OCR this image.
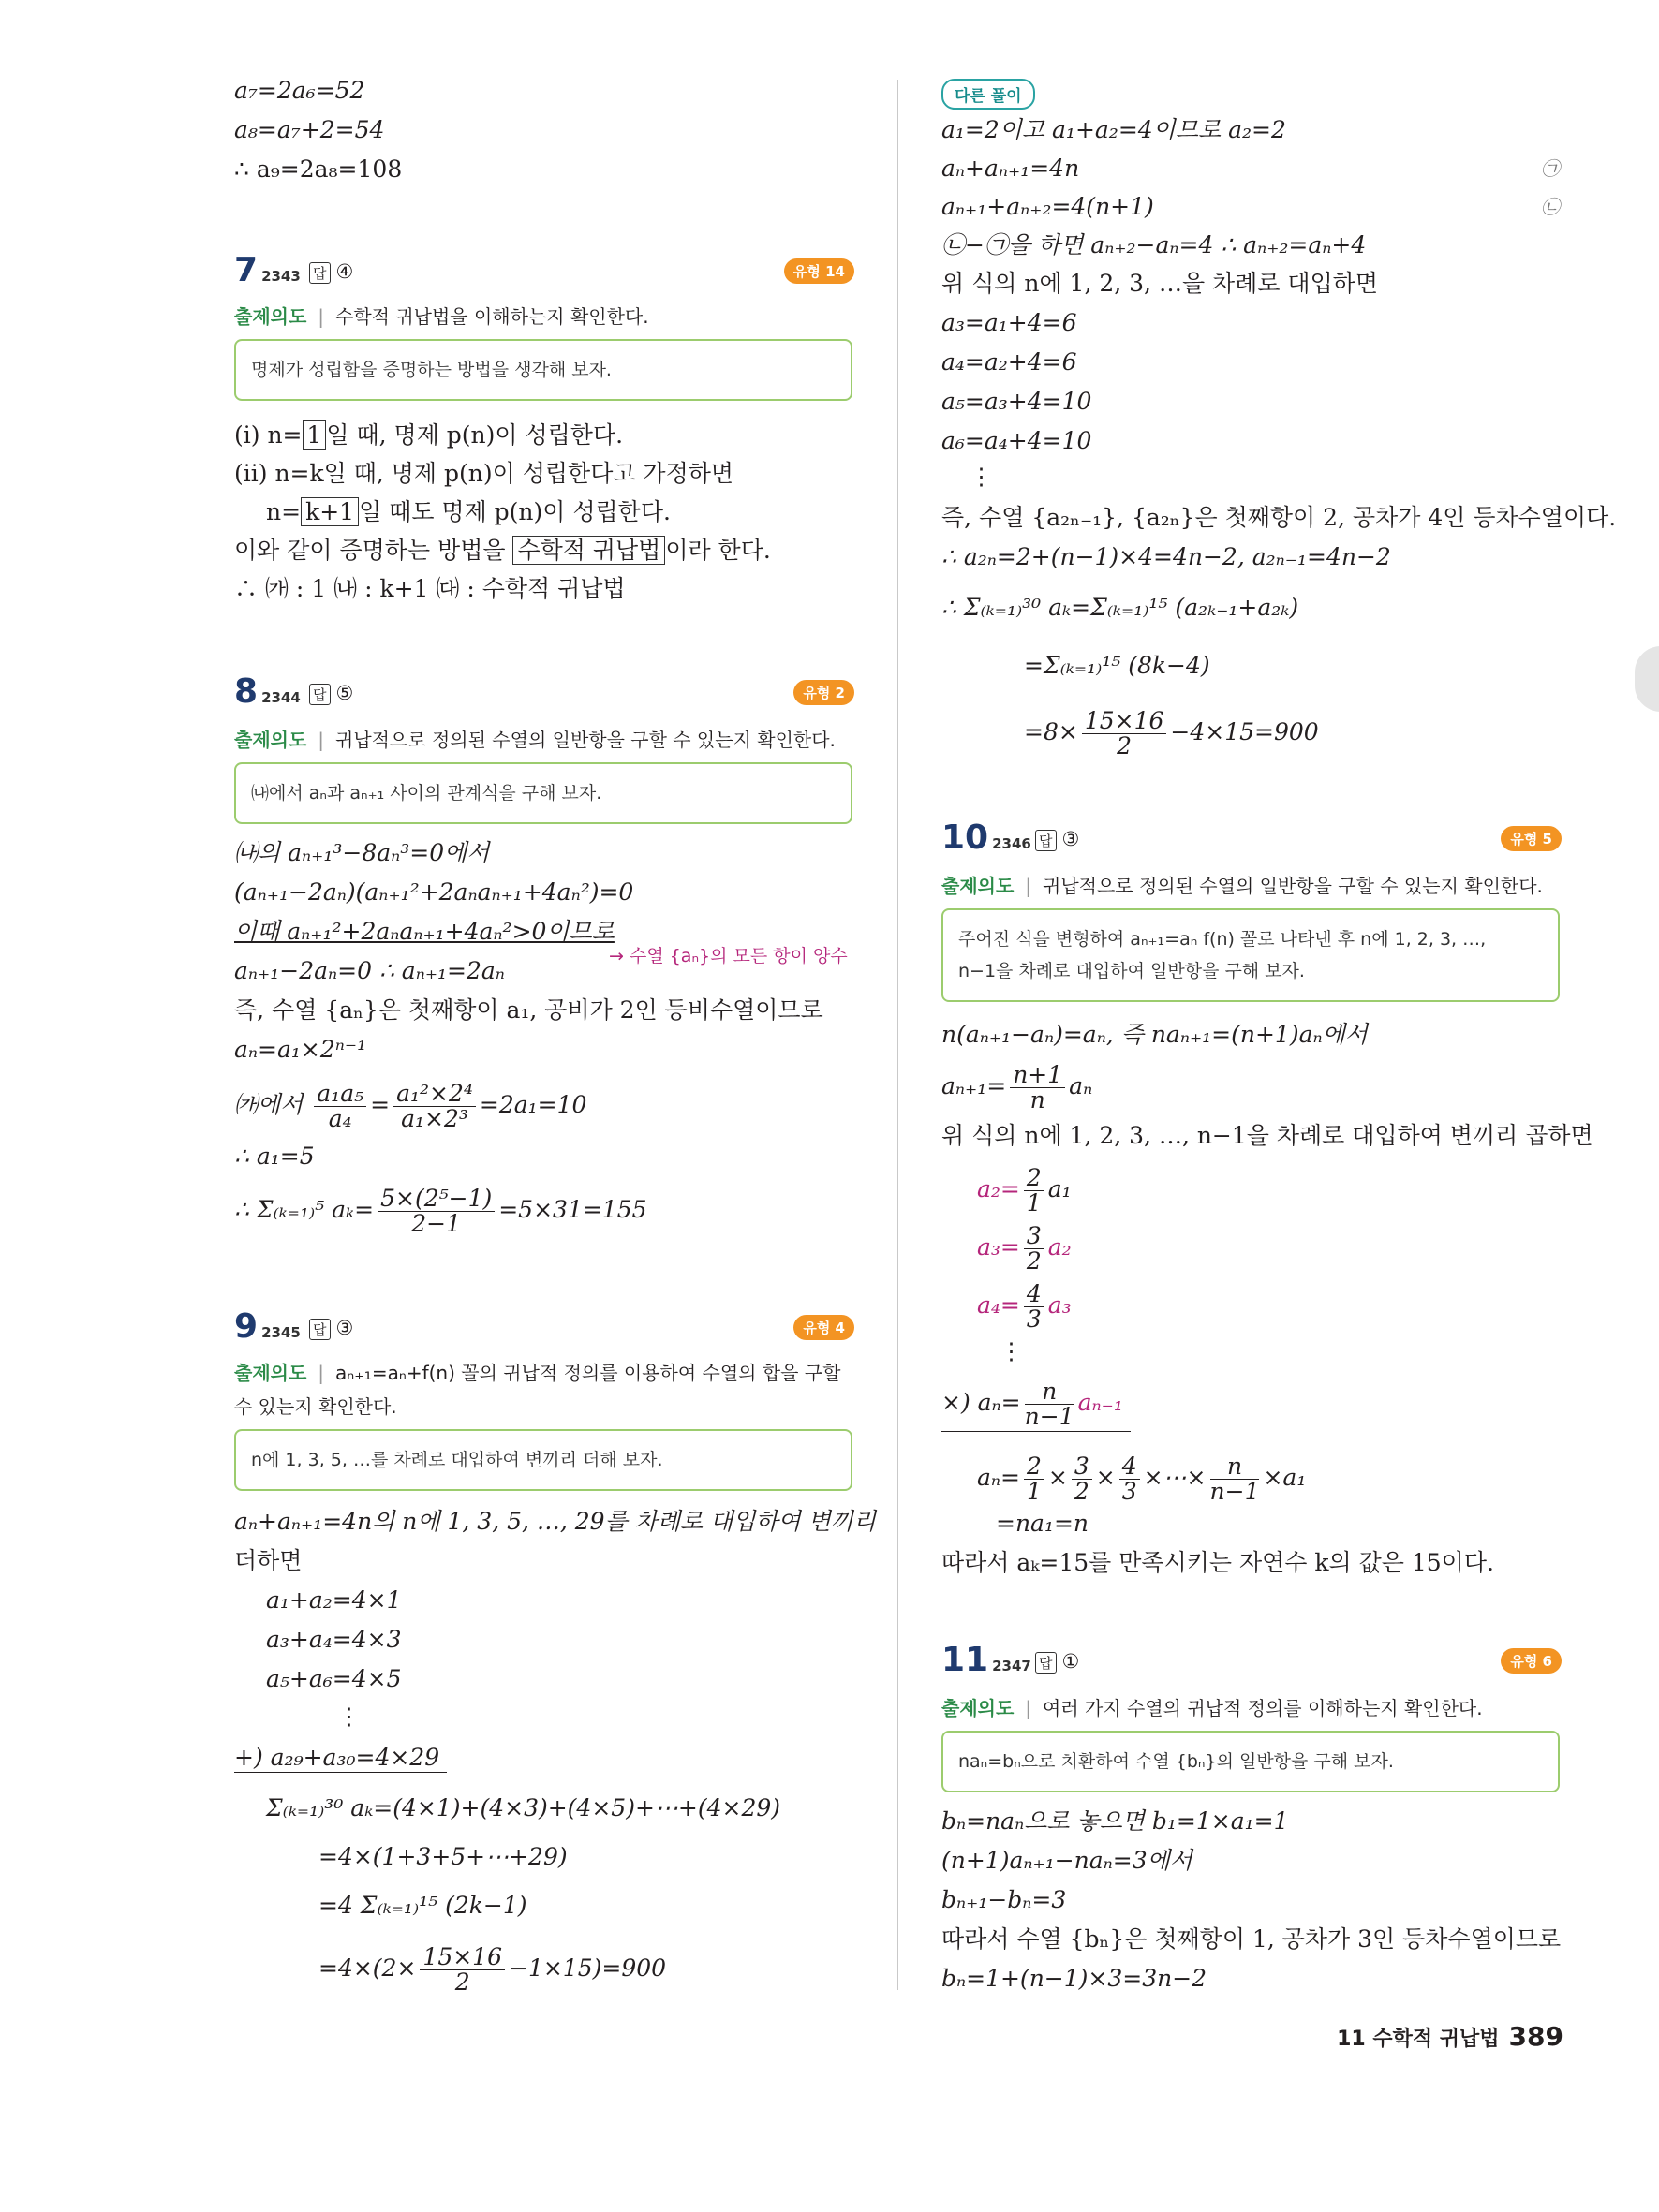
a₇=2a₆=52
a₈=a₇+2=54
∴ a₉=2a₈=108
7 2343 답 ④	유형 14
출제의도 | 수학적 귀납법을 이해하는지 확인한다.
명제가 성립함을 증명하는 방법을 생각해 보자.
(ⅰ) n= 1 일 때, 명제 p(n)이 성립한다.
(ⅱ) n=k일 때, 명제 p(n)이 성립한다고 가정하면
n= k+1 일 때도 명제 p(n)이 성립한다.
이와 같이 증명하는 방법을 수학적 귀납법 이라 한다.
∴ ㈎ : 1 ㈏ : k+1 ㈐ : 수학적 귀납법
8 2344 답 ⑤	유형 2
출제의도 | 귀납적으로 정의된 수열의 일반항을 구할 수 있는지 확인한다.
㈏에서 aₙ과 aₙ₊₁ 사이의 관계식을 구해 보자.
㈏의 aₙ₊₁³−8aₙ³=0에서
(aₙ₊₁−2aₙ)(aₙ₊₁²+2aₙaₙ₊₁+4aₙ²)=0
이때 aₙ₊₁²+2aₙaₙ₊₁+4aₙ²>0이므로
→ 수열 {aₙ}의 모든 항이 양수
aₙ₊₁−2aₙ=0 ∴ aₙ₊₁=2aₙ
즉, 수열 {aₙ}은 첫째항이 a₁, 공비가 2인 등비수열이므로
aₙ=a₁×2ⁿ⁻¹
㈎에서 $\frac{\text{a₁a₅}}{\text{a₄}} = \frac{\text{a₁²×2⁴}}{\text{a₁×2³}} =2a_1=10$
∴ a₁=5
∴ Σ₍ₖ₌₁₎⁵ $a_k= \frac{\text{5×(2⁵−1)}}{2-1} =5\times 31=155$
9 2345 답 ③	유형 4
출제의도 | aₙ₊₁=aₙ+f(n) 꼴의 귀납적 정의를 이용하여 수열의 합을 구할
수 있는지 확인한다.
n에 1, 3, 5, …를 차례로 대입하여 변끼리 더해 보자.
aₙ+aₙ₊₁=4n의 n에 1, 3, 5, …, 29를 차례로 대입하여 변끼리
더하면
a₁+a₂=4×1
a₃+a₄=4×3
a₅+a₆=4×5
⋮
+) a₂₉+a₃₀=4×29
Σ₍ₖ₌₁₎³⁰ aₖ=(4×1)+(4×3)+(4×5)+⋯+(4×29)
=4×(1+3+5+⋯+29)
=4 Σ₍ₖ₌₁₎¹⁵ (2k−1)
$=4\times(2\times \frac{15\times 16}{2} -1\times 15)=900$
다른 풀이
a₁=2이고 a₁+a₂=4이므로 a₂=2
aₙ+aₙ₊₁=4n	㉠
aₙ₊₁+aₙ₊₂=4(n+1)	㉡
㉡−㉠을 하면 aₙ₊₂−aₙ=4 ∴ aₙ₊₂=aₙ+4
위 식의 n에 1, 2, 3, …을 차례로 대입하면
a₃=a₁+4=6
a₄=a₂+4=6
a₅=a₃+4=10
a₆=a₄+4=10
⋮
즉, 수열 {a₂ₙ₋₁}, {a₂ₙ}은 첫째항이 2, 공차가 4인 등차수열이다.
∴ a₂ₙ=2+(n−1)×4=4n−2, a₂ₙ₋₁=4n−2
∴ Σ₍ₖ₌₁₎³⁰ aₖ=Σ₍ₖ₌₁₎¹⁵ (a₂ₖ₋₁+a₂ₖ)
=Σ₍ₖ₌₁₎¹⁵ (8k−4)
$=8\times \frac{15\times 16}{2} -4\times 15=900$
10 2346 답 ③	유형 5
출제의도 | 귀납적으로 정의된 수열의 일반항을 구할 수 있는지 확인한다.
주어진 식을 변형하여 aₙ₊₁=aₙ f(n) 꼴로 나타낸 후 n에 1, 2, 3, …,
n−1을 차례로 대입하여 일반항을 구해 보자.
n(aₙ₊₁−aₙ)=aₙ, 즉 naₙ₊₁=(n+1)aₙ에서
$a_{n+1}= \frac{n+1}{n}$ aₙ
위 식의 n에 1, 2, 3, …, n−1을 차례로 대입하여 변끼리 곱하면
$a_2= \frac{2}{1} a_1$
$a_3= \frac{3}{2} a_2$
$a_4= \frac{4}{3} a_3$
⋮
×) $a_n= \frac{n}{n-1} a_{n-1}$
$a_n= \frac{2}{1} \times \frac{3}{2} \times \frac{4}{3}$ ×⋯× $\frac{n}{n-1} \times a_1$
=na₁=n
따라서 aₖ=15를 만족시키는 자연수 k의 값은 15이다.
11 2347 답 ①	유형 6
출제의도 | 여러 가지 수열의 귀납적 정의를 이해하는지 확인한다.
naₙ=bₙ으로 치환하여 수열 {bₙ}의 일반항을 구해 보자.
bₙ=naₙ으로 놓으면 b₁=1×a₁=1
(n+1)aₙ₊₁−naₙ=3에서
bₙ₊₁−bₙ=3
따라서 수열 {bₙ}은 첫째항이 1, 공차가 3인 등차수열이므로
bₙ=1+(n−1)×3=3n−2
11 수학적 귀납법 389
